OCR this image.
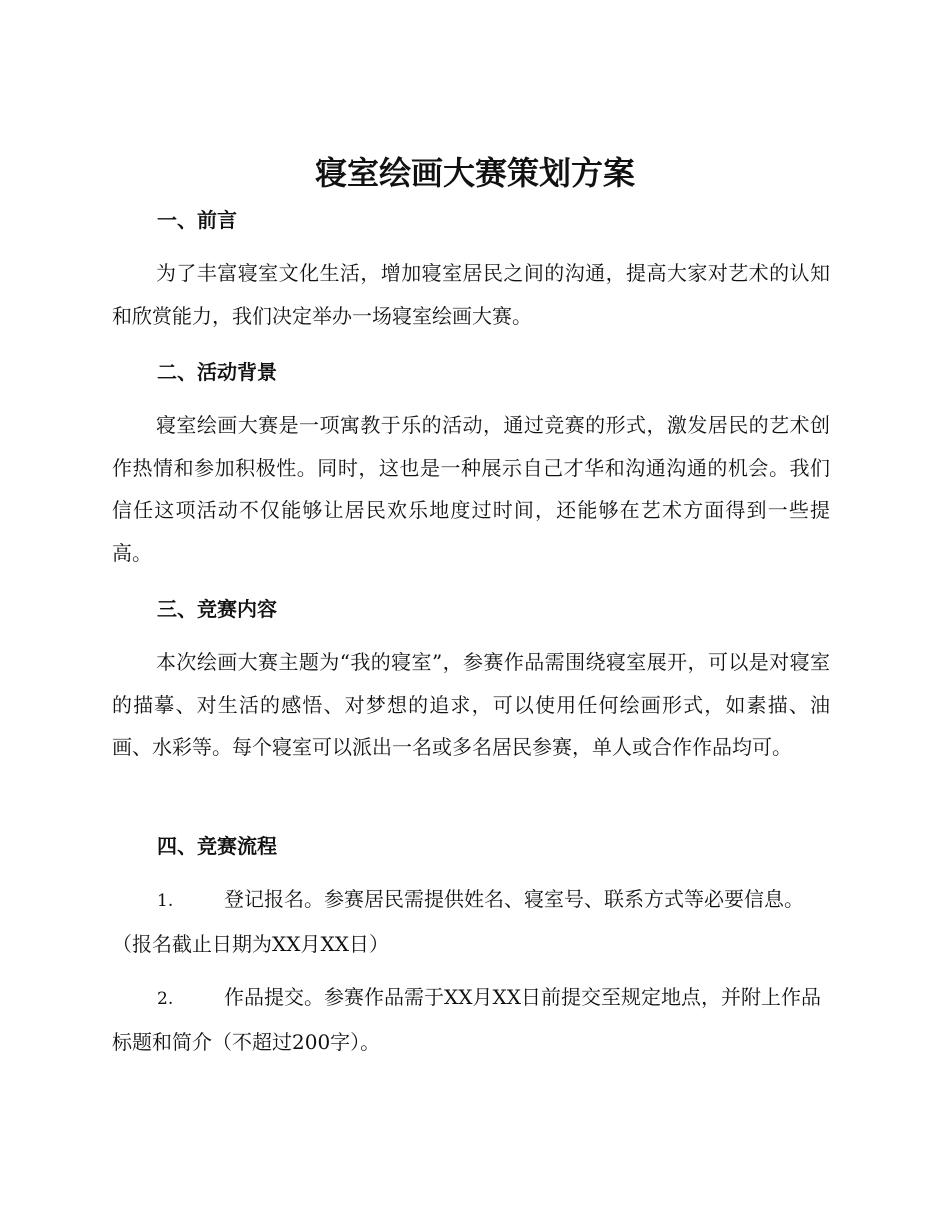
寝室绘画大赛策划方案
一、前言

为了丰富寝室文化生活，增加寝室居民之间的沟通，提高大家对艺术的认知和欣赏能力，我们决定举办一场寝室绘画大赛。

二、活动背景

寝室绘画大赛是一项寓教于乐的活动，通过竞赛的形式，激发居民的艺术创作热情和参加积极性。同时，这也是一种展示自己才华和沟通沟通的机会。我们信任这项活动不仅能够让居民欢乐地度过时间，还能够在艺术方面得到一些提高。

三、竞赛内容

本次绘画大赛主题为“我的寝室”，参赛作品需围绕寝室展开，可以是对寝室的描摹、对生活的感悟、对梦想的追求，可以使用任何绘画形式，如素描、油画、水彩等。每个寝室可以派出一名或多名居民参赛，单人或合作作品均可。

四、竞赛流程

1.	登记报名。参赛居民需提供姓名、寝室号、联系方式等必要信息。（报名截止日期为XX月XX日）

2.	作品提交。参赛作品需于XX月XX日前提交至规定地点，并附上作品标题和简介（不超过200字）。
